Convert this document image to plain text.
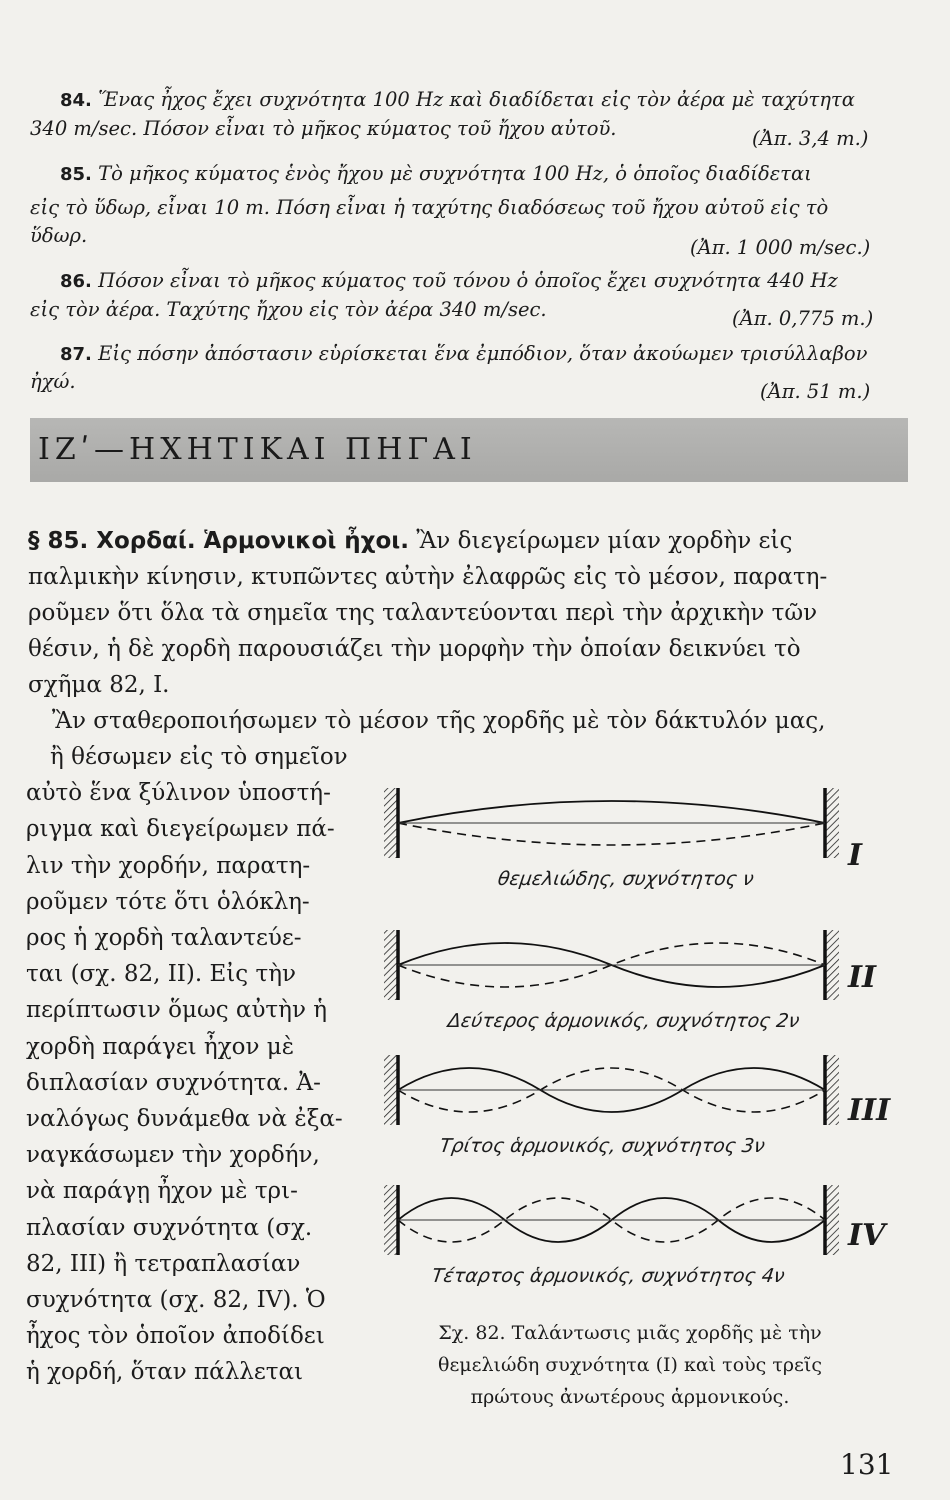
84. Ἕνας ἦχος ἔχει συχνότητα 100 Hz καὶ διαδίδεται εἰς τὸν ἀέρα μὲ ταχύτητα
340 m/sec. Πόσον εἶναι τὸ μῆκος κύματος τοῦ ἤχου αὐτοῦ.	(Ἀπ. 3,4 m.)
85. Τὸ μῆκος κύματος ἑνὸς ἤχου μὲ συχνότητα 100 Hz, ὁ ὁποῖος διαδίδεται
εἰς τὸ ὕδωρ, εἶναι 10 m. Πόση εἶναι ἡ ταχύτης διαδόσεως τοῦ ἤχου αὐτοῦ εἰς τὸ
ὕδωρ.
(Ἀπ. 1 000 m/sec.)
86. Πόσον εἶναι τὸ μῆκος κύματος τοῦ τόνου ὁ ὁποῖος ἔχει συχνότητα 440 Hz
εἰς τὸν ἀέρα. Ταχύτης ἤχου εἰς τὸν ἀέρα 340 m/sec.	(Ἀπ. 0,775 m.)
87. Εἰς πόσην ἀπόστασιν εὑρίσκεται ἕνα ἐμπόδιον, ὅταν ἀκούωμεν τρισύλλαβον
ἠχώ.	(Ἀπ. 51 m.)
ΙΖʹ—ΗΧΗΤΙΚΑΙ ΠΗΓΑΙ
§ 85. Χορδαί. Ἁρμονικοὶ ἦχοι. Ἂν διεγείρωμεν μίαν χορδὴν εἰς
παλμικὴν κίνησιν, κτυπῶντες αὐτὴν ἐλαφρῶς εἰς τὸ μέσον, παρατη-
ροῦμεν ὅτι ὅλα τὰ σημεῖα της ταλαντεύονται περὶ τὴν ἀρχικὴν τῶν
θέσιν, ἡ δὲ χορδὴ παρουσιάζει τὴν μορφὴν τὴν ὁποίαν δεικνύει τὸ
σχῆμα 82, I.
Ἂν σταθεροποιήσωμεν τὸ μέσον τῆς χορδῆς μὲ τὸν δάκτυλόν μας,
ἢ θέσωμεν εἰς τὸ σημεῖον
αὐτὸ ἕνα ξύλινον ὑποστή-
ριγμα καὶ διεγείρωμεν πά-
λιν τὴν χορδήν, παρατη-
ροῦμεν τότε ὅτι ὁλόκλη-
ρος ἡ χορδὴ ταλαντεύε-
ται (σχ. 82, II). Εἰς τὴν
περίπτωσιν ὅμως αὐτὴν ἡ
χορδὴ παράγει ἦχον μὲ
διπλασίαν συχνότητα. Ἀ-
ναλόγως δυνάμεθα νὰ ἐξα-
ναγκάσωμεν τὴν χορδήν,
νὰ παράγῃ ἦχον μὲ τρι-
πλασίαν συχνότητα (σχ.
82, III) ἢ τετραπλασίαν
συχνότητα (σχ. 82, IV). Ὁ
ἦχος τὸν ὁποῖον ἀποδίδει
ἡ χορδή, ὅταν πάλλεται
θεμελιώδης, συχνότητος ν
I
Δεύτερος ἁρμονικός, συχνότητος 2ν
II
Τρίτος ἁρμονικός, συχνότητος 3ν
III
Τέταρτος ἁρμονικός, συχνότητος 4ν
IV
Σχ. 82. Ταλάντωσις μιᾶς χορδῆς μὲ τὴν
θεμελιώδη συχνότητα (I) καὶ τοὺς τρεῖς
πρώτους ἀνωτέρους ἁρμονικούς.
131
